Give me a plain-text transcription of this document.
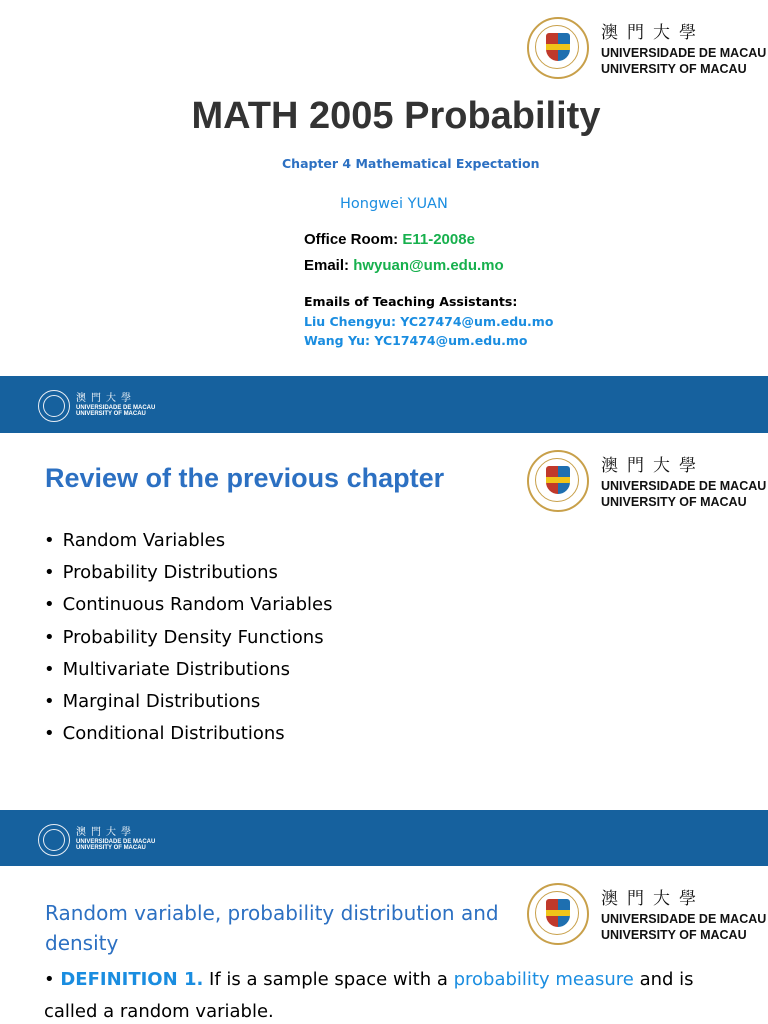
澳門大學
UNIVERSIDADE DE MACAU
UNIVERSITY OF MACAU
MATH 2005 Probability
Chapter 4 Mathematical Expectation
Hongwei YUAN
Office Room: E11-2008e
Email: hwyuan@um.edu.mo
Emails of Teaching Assistants:
Liu Chengyu: YC27474@um.edu.mo
Wang Yu: YC17474@um.edu.mo
澳門大學
UNIVERSIDADE DE MACAU
UNIVERSITY OF MACAU
澳門大學
UNIVERSIDADE DE MACAU
UNIVERSITY OF MACAU
Review of the previous chapter
• Random Variables
• Probability Distributions
• Continuous Random Variables
• Probability Density Functions
• Multivariate Distributions
• Marginal Distributions
• Conditional Distributions
澳門大學
UNIVERSIDADE DE MACAU
UNIVERSITY OF MACAU
澳門大學
UNIVERSIDADE DE MACAU
UNIVERSITY OF MACAU
Random variable, probability distribution and density
• DEFINITION 1. If is a sample space with a probability measure and is called a random variable.
